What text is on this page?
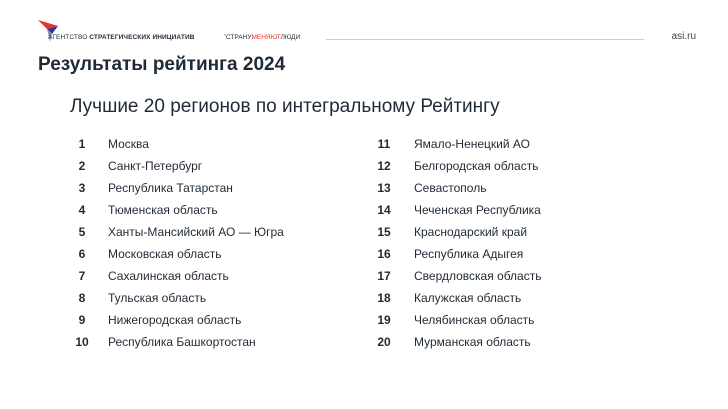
АГЕНТСТВО СТРАТЕГИЧЕСКИХ ИНИЦИАТИВ	*СТРАНУМЕНЯЮТЛЮДИ	asi.ru
Результаты рейтинга 2024
Лучшие 20 регионов по интегральному Рейтингу
1	Москва
2	Санкт-Петербург
3	Республика Татарстан
4	Тюменская область
5	Ханты-Мансийский АО — Югра
6	Московская область
7	Сахалинская область
8	Тульская область
9	Нижегородская область
10	Республика Башкортостан
11	Ямало-Ненецкий АО
12	Белгородская область
13	Севастополь
14	Чеченская Республика
15	Краснодарский край
16	Республика Адыгея
17	Свердловская область
18	Калужская область
19	Челябинская область
20	Мурманская область
